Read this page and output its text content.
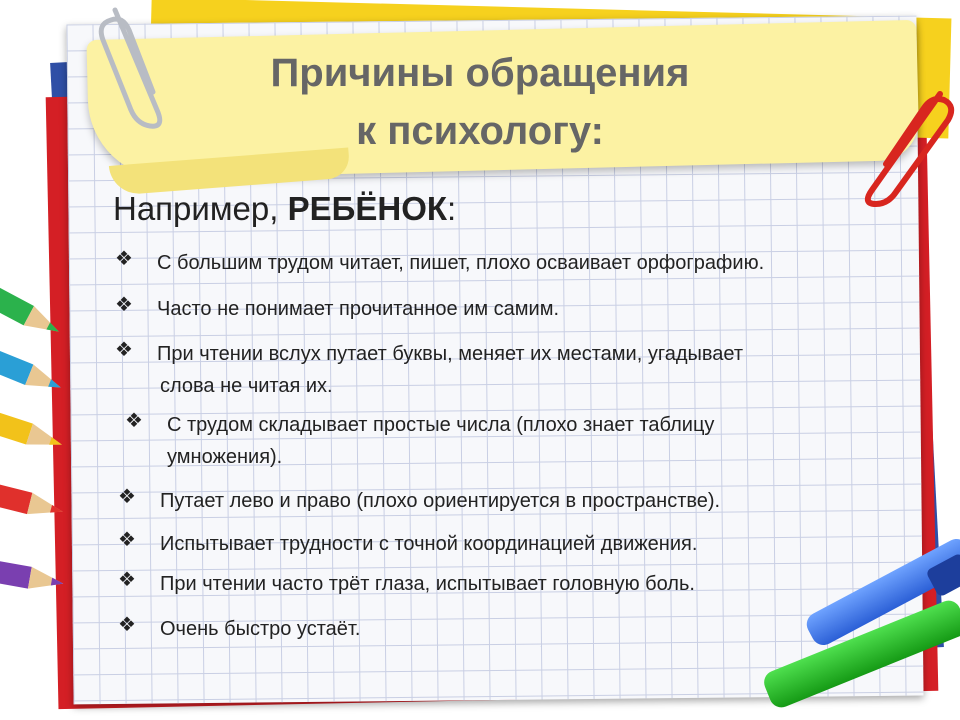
Причины обращения
к психологу:
Например, РЕБЁНОК:
❖ С большим трудом читает, пишет, плохо осваивает орфографию.
❖ Часто не понимает прочитанное им самим.
❖ При чтении вслух путает буквы, меняет их местами, угадывает
слова не читая их.
❖ С трудом складывает простые числа (плохо знает таблицу
умножения).
❖ Путает лево и право (плохо ориентируется в пространстве).
❖ Испытывает трудности с точной координацией движения.
❖ При чтении часто трёт глаза, испытывает головную боль.
❖ Очень быстро устаёт.
